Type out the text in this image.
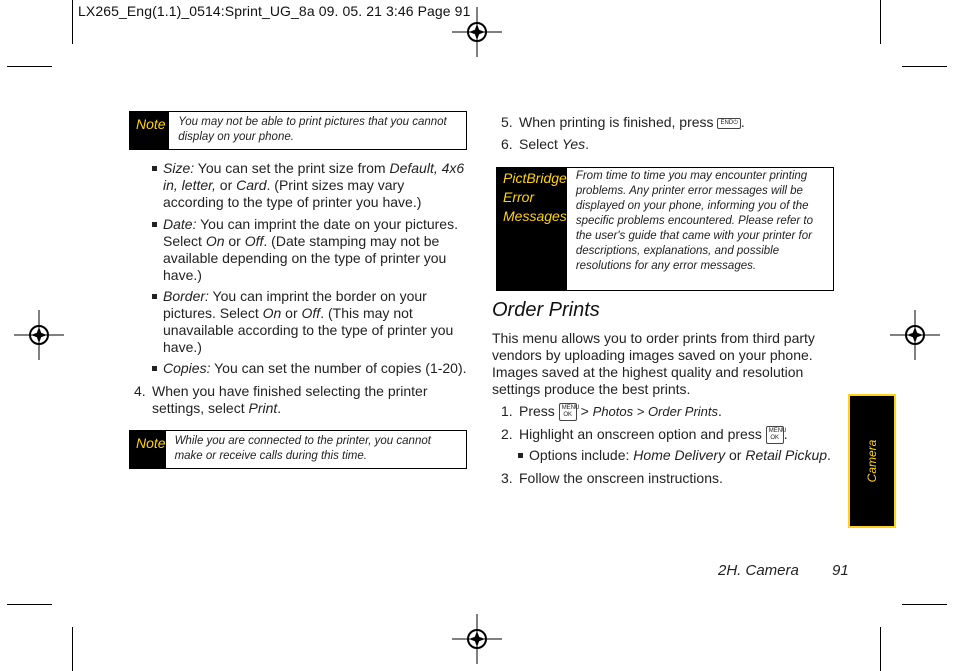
LX265_Eng(1.1)_0514:Sprint_UG_8a 09. 05. 21 3:46 Page 91
Note	You may not be able to print pictures that you cannot display on your phone.
Size: You can set the print size from Default, 4x6 in, letter, or Card. (Print sizes may vary according to the type of printer you have.)
Date: You can imprint the date on your pictures. Select On or Off. (Date stamping may not be available depending on the type of printer you have.)
Border: You can imprint the border on your pictures. Select On or Off. (This may not unavailable according to the type of printer you have.)
Copies: You can set the number of copies (1-20).
4. When you have finished selecting the printer settings, select Print.
Note While you are connected to the printer, you cannot make or receive calls during this time.
5. When printing is finished, press END⏻ .
6. Select Yes.
PictBridge
Error
Messages
From time to time you may encounter printing problems. Any printer error messages will be displayed on your phone, informing you of the specific problems encountered. Please refer to the user's guide that came with your printer for descriptions, explanations, and possible resolutions for any error messages.
Order Prints
This menu allows you to order prints from third party vendors by uploading images saved on your phone. Images saved at the highest quality and resolution settings produce the best prints.
1. Press MENU OK > Photos > Order Prints.
2. Highlight an onscreen option and press MENU OK .
Options include: Home Delivery or Retail Pickup.
3. Follow the onscreen instructions.	Camera
2H. Camera 91
